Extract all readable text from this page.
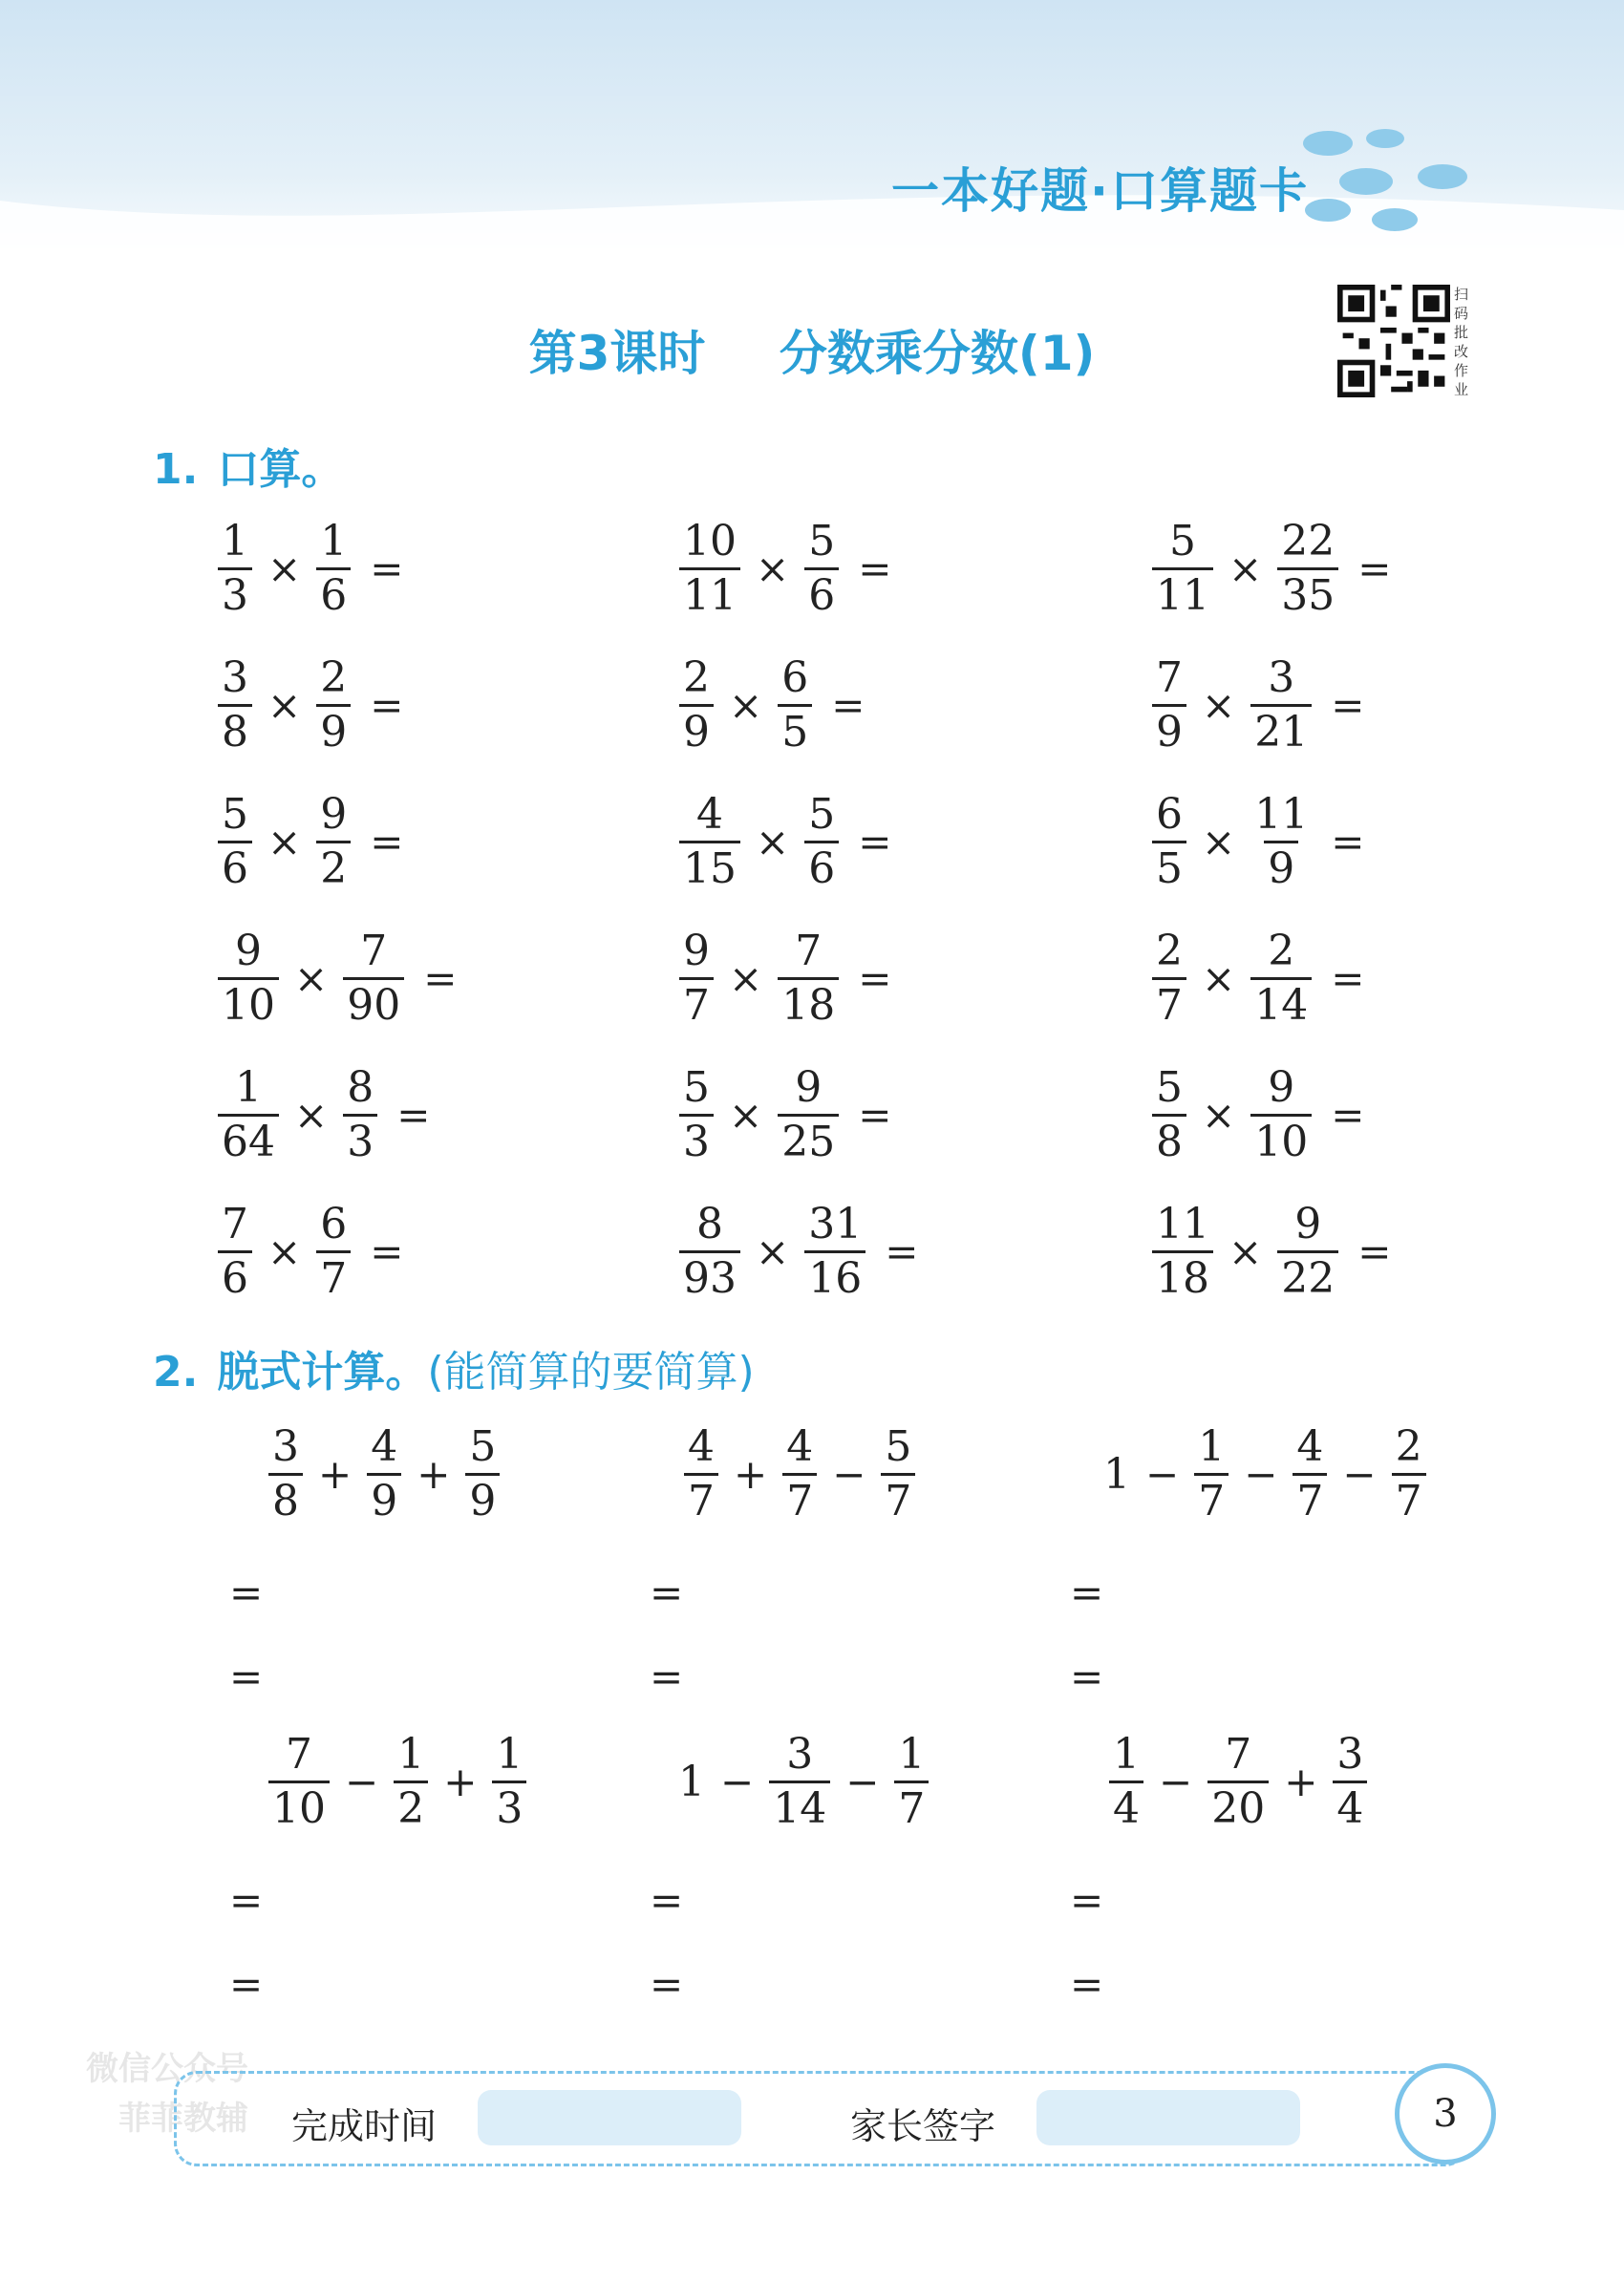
一本好题·口算题卡
第3课时 分数乘分数(1)
扫码批改作业
1. 口算。
$\frac{1}{3} \times \frac{1}{6}$ =	$\frac{10}{11} \times \frac{5}{6}$ =	$\frac{5}{11} \times \frac{22}{35}$ =
$\frac{3}{8} \times \frac{2}{9}$ =	$\frac{2}{9} \times \frac{6}{5}$ =	$\frac{7}{9} \times \frac{3}{21}$ =
$\frac{5}{6} \times \frac{9}{2}$ =	$\frac{4}{15} \times \frac{5}{6}$ =	$\frac{6}{5} \times \frac{11}{9}$ =
$\frac{9}{10} \times \frac{7}{90}$ =	$\frac{9}{7} \times \frac{7}{18}$ =	$\frac{2}{7} \times \frac{2}{14}$ =
$\frac{1}{64} \times \frac{8}{3}$ =	$\frac{5}{3} \times \frac{9}{25}$ =	$\frac{5}{8} \times \frac{9}{10}$ =
$\frac{7}{6} \times \frac{6}{7}$ =	$\frac{8}{93} \times \frac{31}{16}$ =	$\frac{11}{18} \times \frac{9}{22}$ =
2. 脱式计算。(能简算的要简算)
$\frac{3}{8} + \frac{4}{9} + \frac{5}{9}$
=
=
$\frac{4}{7} + \frac{4}{7} - \frac{5}{7}$
=
=
$1 - \frac{1}{7} - \frac{4}{7} - \frac{2}{7}$
=
=
$\frac{7}{10} - \frac{1}{2} + \frac{1}{3}$
=
=
$1 - \frac{3}{14} - \frac{1}{7}$
=
=
$\frac{1}{4} - \frac{7}{20} + \frac{3}{4}$
=
=
微信公众号
菲菲教辅 完成时间	家长签字	3
